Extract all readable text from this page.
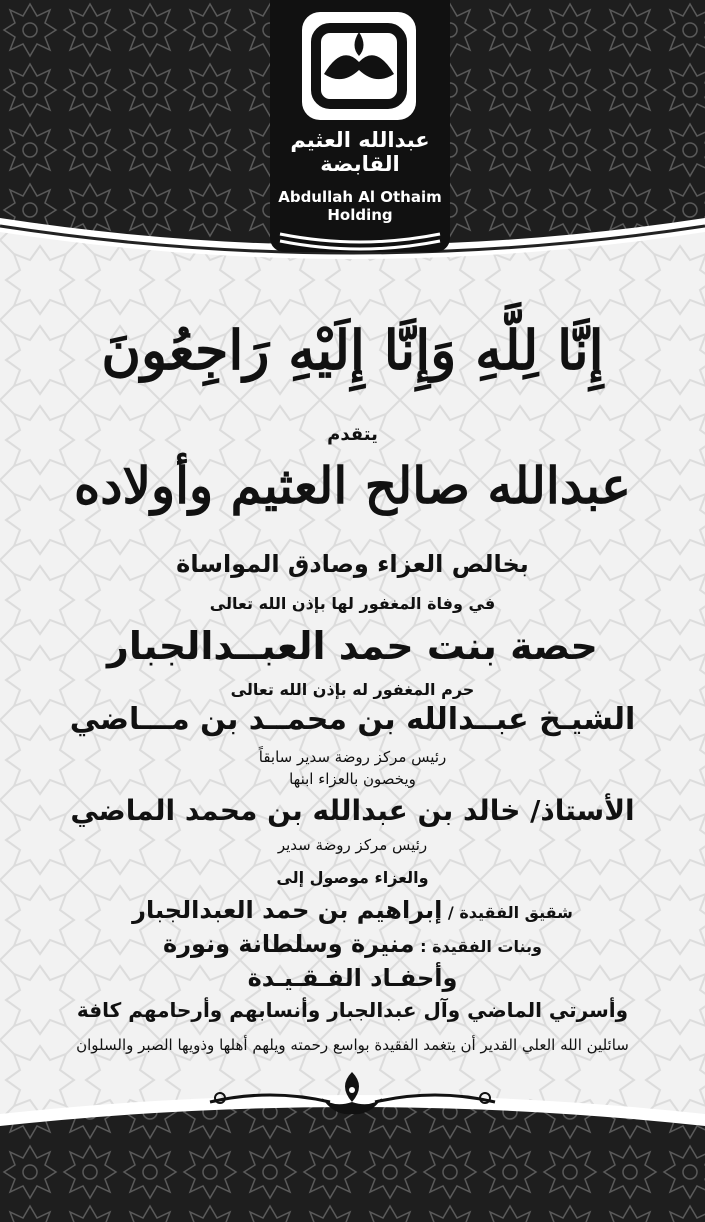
عبدالله العثيم
القابضة
Abdullah Al Othaim
Holding
إِنَّا لِلَّهِ وَإِنَّا إِلَيْهِ رَاجِعُونَ
يتقدم
عبدالله صالح العثيم وأولاده
بخالص العزاء وصادق المواساة
في وفاة المغفور لها بإذن الله تعالى
حصة بنت حمد العبــدالجبار
حرم المغفور له بإذن الله تعالى
الشيـخ عبــدالله بن محمــد بن مـــاضي
رئيس مركز روضة سدير سابقاً
ويخصون بالعزاء ابنها
الأستاذ/ خالد بن عبدالله بن محمد الماضي
رئيس مركز روضة سدير
والعزاء موصول إلى
شقيق الفقيدة / إبراهيم بن حمد العبدالجبار
وبنات الفقيدة : منيرة وسلطانة ونورة
وأحفـاد الفـقـيـدة
وأسرتي الماضي وآل عبدالجبار وأنسابهم وأرحامهم كافة
سائلين الله العلي القدير أن يتغمد الفقيدة بواسع رحمته ويلهم أهلها وذويها الصبر والسلوان
